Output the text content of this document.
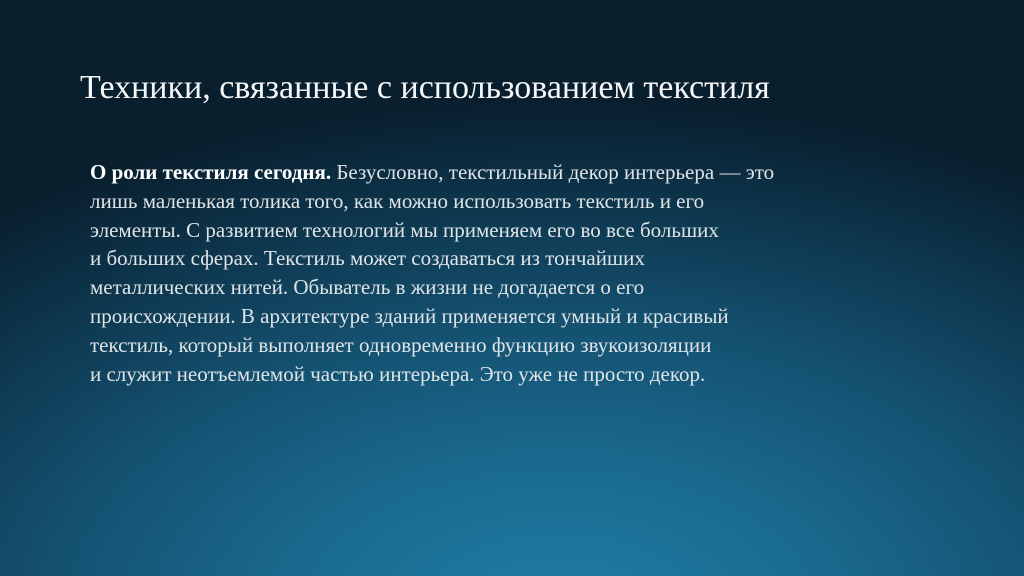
Техники, связанные с использованием текстиля
О роли текстиля сегодня. Безусловно, текстильный декор интерьера — это
лишь маленькая толика того, как можно использовать текстиль и его
элементы. С развитием технологий мы применяем его во все больших
и больших сферах. Текстиль может создаваться из тончайших
металлических нитей. Обыватель в жизни не догадается о его
происхождении. В архитектуре зданий применяется умный и красивый
текстиль, который выполняет одновременно функцию звукоизоляции
и служит неотъемлемой частью интерьера. Это уже не просто декор.
